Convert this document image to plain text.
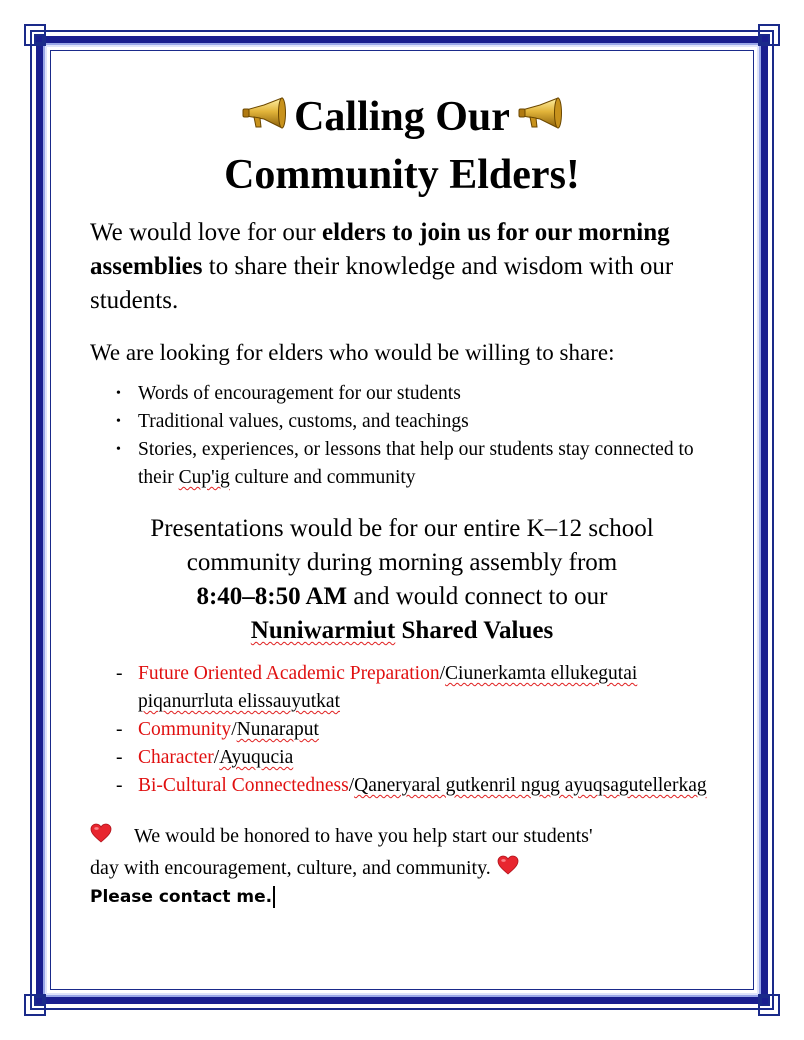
Calling Our
Community Elders!

We would love for our elders to join us for our morning assemblies to share their knowledge and wisdom with our students.

We are looking for elders who would be willing to share:

• Words of encouragement for our students
• Traditional values, customs, and teachings
• Stories, experiences, or lessons that help our students stay connected to their Cup'ig culture and community

Presentations would be for our entire K–12 school
community during morning assembly from
8:40–8:50 AM and would connect to our
Nuniwarmiut Shared Values

- Future Oriented Academic Preparation/Ciunerkamta ellukegutai piqanurrluta elissauyutkat
- Community/Nunaraput
- Character/Ayuqucia
- Bi-Cultural Connectedness/Qaneryaral gutkenril ngug ayuqsagutellerkag

We would be honored to have you help start our students'
day with encouragement, culture, and community.

Please contact me.
